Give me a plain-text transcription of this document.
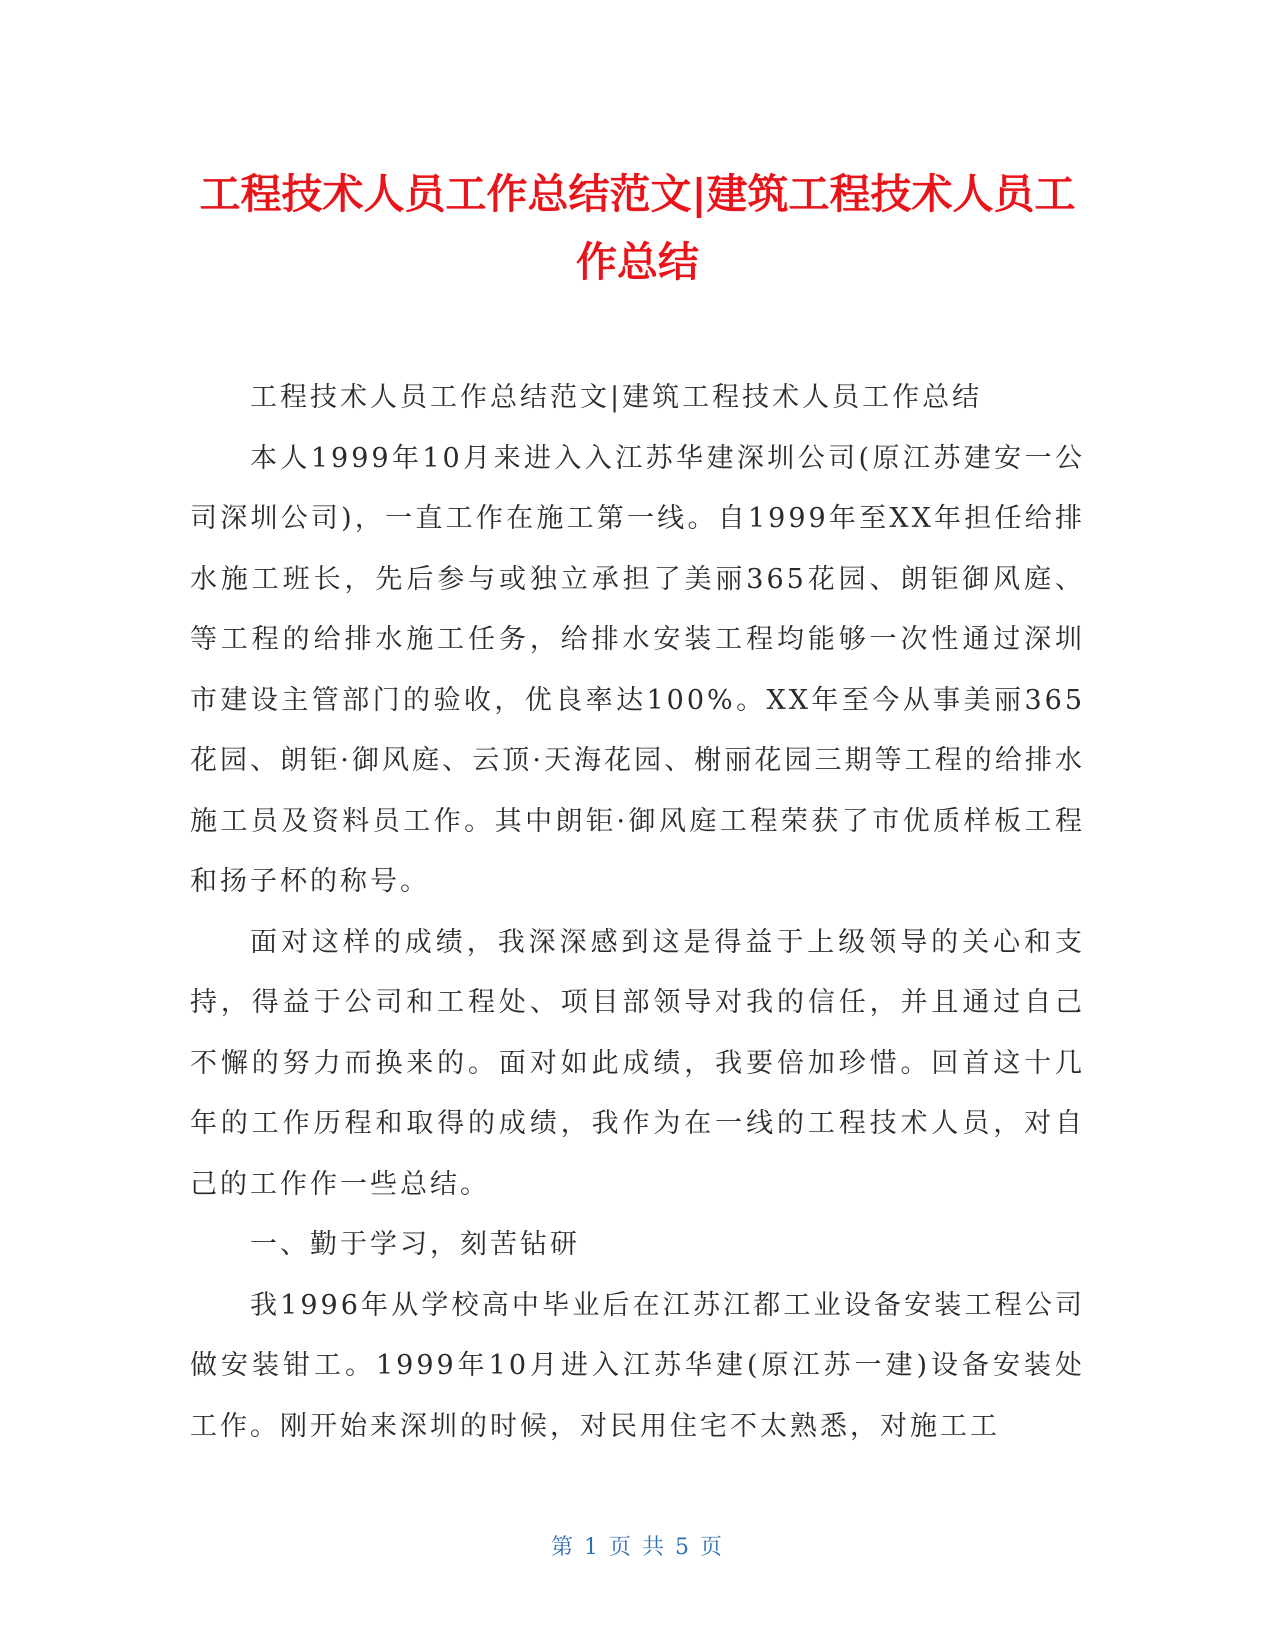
工程技术人员工作总结范文|建筑工程技术人员工作总结

工程技术人员工作总结范文|建筑工程技术人员工作总结

本人1999年10月来进入入江苏华建深圳公司(原江苏建安一公司深圳公司)，一直工作在施工第一线。自1999年至XX年担任给排水施工班长，先后参与或独立承担了美丽365花园、朗钜御风庭、等工程的给排水施工任务，给排水安装工程均能够一次性通过深圳市建设主管部门的验收，优良率达100%。XX年至今从事美丽365花园、朗钜·御风庭、云顶·天海花园、榭丽花园三期等工程的给排水施工员及资料员工作。其中朗钜·御风庭工程荣获了市优质样板工程和扬子杯的称号。

面对这样的成绩，我深深感到这是得益于上级领导的关心和支持，得益于公司和工程处、项目部领导对我的信任，并且通过自己不懈的努力而换来的。面对如此成绩，我要倍加珍惜。回首这十几年的工作历程和取得的成绩，我作为在一线的工程技术人员，对自己的工作作一些总结。

一、勤于学习，刻苦钻研

我1996年从学校高中毕业后在江苏江都工业设备安装工程公司做安装钳工。1999年10月进入江苏华建(原江苏一建)设备安装处工作。刚开始来深圳的时候，对民用住宅不太熟悉，对施工工

第 1 页 共 5 页
